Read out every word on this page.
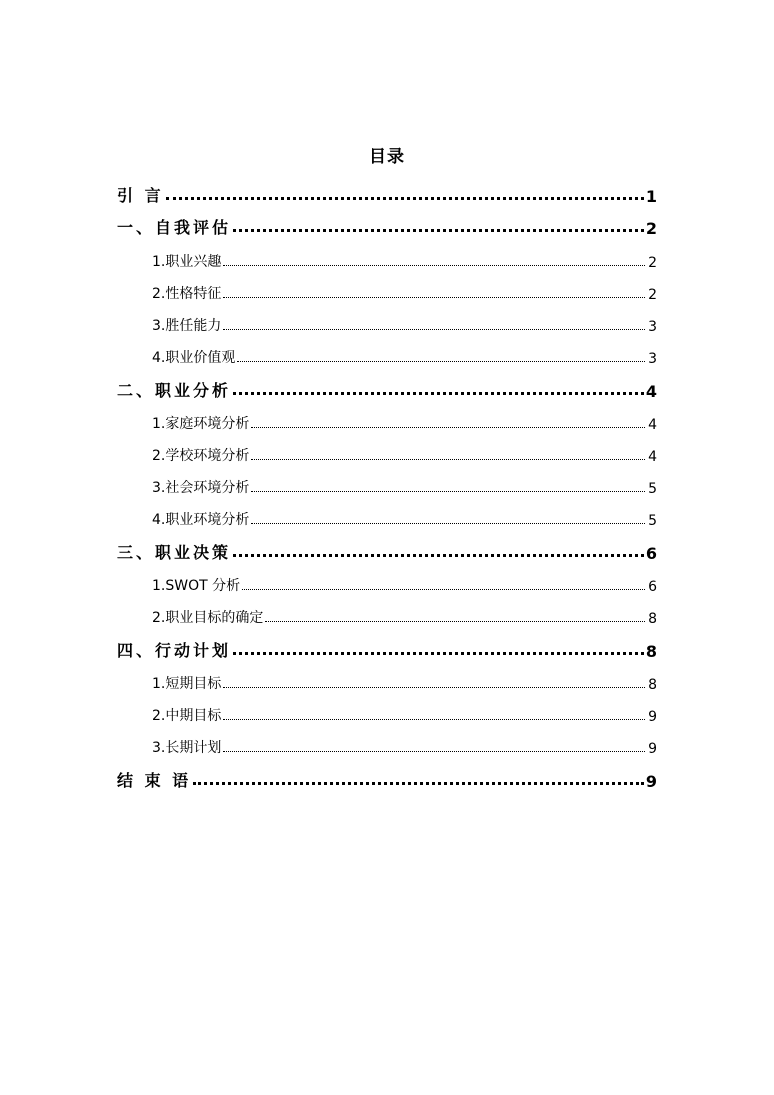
目录
引 言	1
一、自我评估	2
1.职业兴趣	2
2.性格特征	2
3.胜任能力	3
4.职业价值观	3
二、职业分析	4
1.家庭环境分析	4
2.学校环境分析	4
3.社会环境分析	5
4.职业环境分析	5
三、职业决策	6
1.SWOT 分析	6
2.职业目标的确定	8
四、行动计划	8
1.短期目标	8
2.中期目标	9
3.长期计划	9
结 束 语	9
